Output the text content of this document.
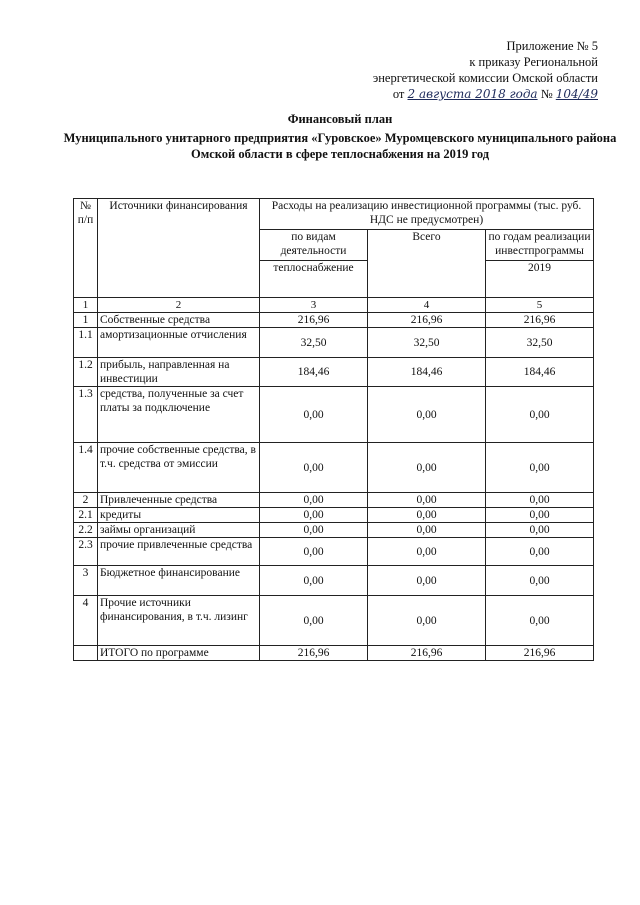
Приложение № 5
к приказу Региональной
энергетической комиссии Омской области
от 2 августа 2018 года № 104/49
Финансовый план
Муниципального унитарного предприятия «Гуровское» Муромцевского муниципального района Омской области в сфере теплоснабжения на 2019 год
№ п/п	Источники финансирования	Расходы на реализацию инвестиционной программы (тыс. руб. НДС не предусмотрен)		
		по видам деятельности	Всего	по годам реализации инвестпрограммы
		теплоснабжение		2019
1	2	3	4	5
1	Собственные средства	216,96	216,96	216,96
1.1	амортизационные отчисления	32,50	32,50	32,50
1.2	прибыль, направленная на инвестиции	184,46	184,46	184,46
1.3	средства, полученные за счет платы за подключение	0,00	0,00	0,00
1.4	прочие собственные средства, в т.ч. средства от эмиссии	0,00	0,00	0,00
2	Привлеченные средства	0,00	0,00	0,00
2.1	кредиты	0,00	0,00	0,00
2.2	займы организаций	0,00	0,00	0,00
2.3	прочие привлеченные средства	0,00	0,00	0,00
3	Бюджетное финансирование	0,00	0,00	0,00
4	Прочие источники финансирования, в т.ч. лизинг	0,00	0,00	0,00
	ИТОГО по программе	216,96	216,96	216,96
